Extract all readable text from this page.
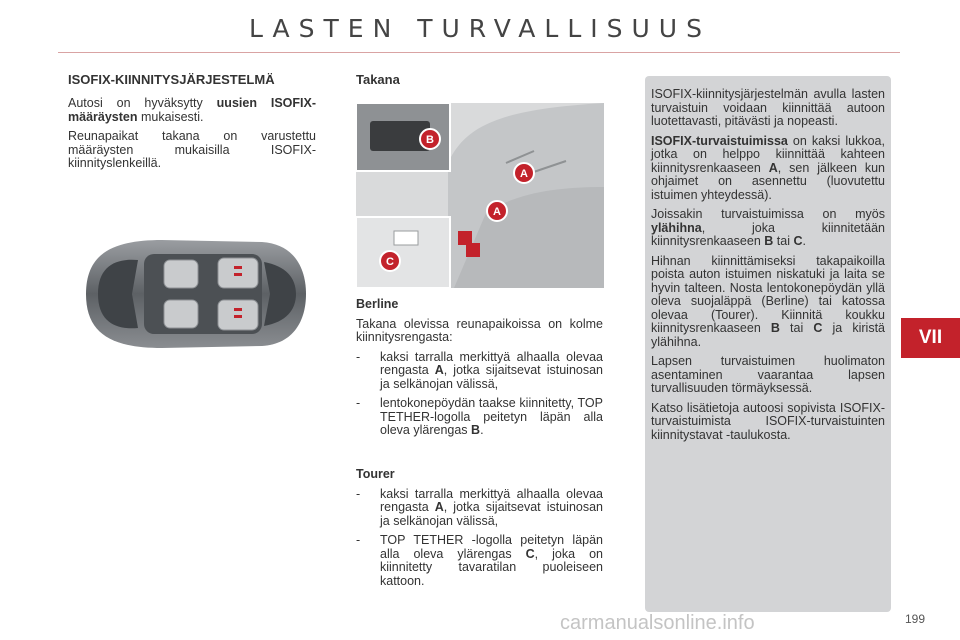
LASTEN TURVALLISUUS
VII
ISOFIX-KIINNITYSJÄRJESTELMÄ

Autosi on hyväksytty uusien ISOFIX-määräysten mukaisesti.

Reunapaikat takana on varustettu määräysten mukaisilla ISOFIX-kiinnityslenkeillä.

Takana
B
A
A
C

Berline

Takana olevissa reunapaikoissa on kolme kiinnitysrengasta:

-	kaksi tarralla merkittyä alhaalla olevaa rengasta A, jotka sijaitsevat istuinosan ja selkänojan välissä,
-	lentokonepöydän taakse kiinnitetty, TOP TETHER-logolla peitetyn läpän alla oleva ylärengas B.

Tourer

-	kaksi tarralla merkittyä alhaalla olevaa rengasta A, jotka sijaitsevat istuinosan ja selkänojan välissä,
-	TOP TETHER -logolla peitetyn läpän alla oleva ylärengas C, joka on kiinnitetty tavaratilan puoleiseen kattoon.

ISOFIX-kiinnitysjärjestelmän avulla lasten turvaistuin voidaan kiinnittää autoon luotettavasti, pitävästi ja nopeasti.

ISOFIX-turvaistuimissa on kaksi lukkoa, jotka on helppo kiinnittää kahteen kiinnitysrenkaaseen A, sen jälkeen kun ohjaimet on asennettu (luovutettu istuimen yhteydessä).

Joissakin turvaistuimissa on myös ylähihna, joka kiinnitetään kiinnitysrenkaaseen B tai C.

Hihnan kiinnittämiseksi takapaikoilla poista auton istuimen niskatuki ja laita se hyvin talteen. Nosta lentokonepöydän yllä oleva suojaläppä (Berline) tai katossa olevaa (Tourer). Kiinnitä koukku kiinnitysrenkaaseen B tai C ja kiristä ylähihna.

Lapsen turvaistuimen huolimaton asentaminen vaarantaa lapsen turvallisuuden törmäyksessä.

Katso lisätietoja autoosi sopivista ISOFIX-turvaistuimista ISOFIX-turvaistuinten kiinnitystavat -taulukosta.

carmanualsonline.info	199
